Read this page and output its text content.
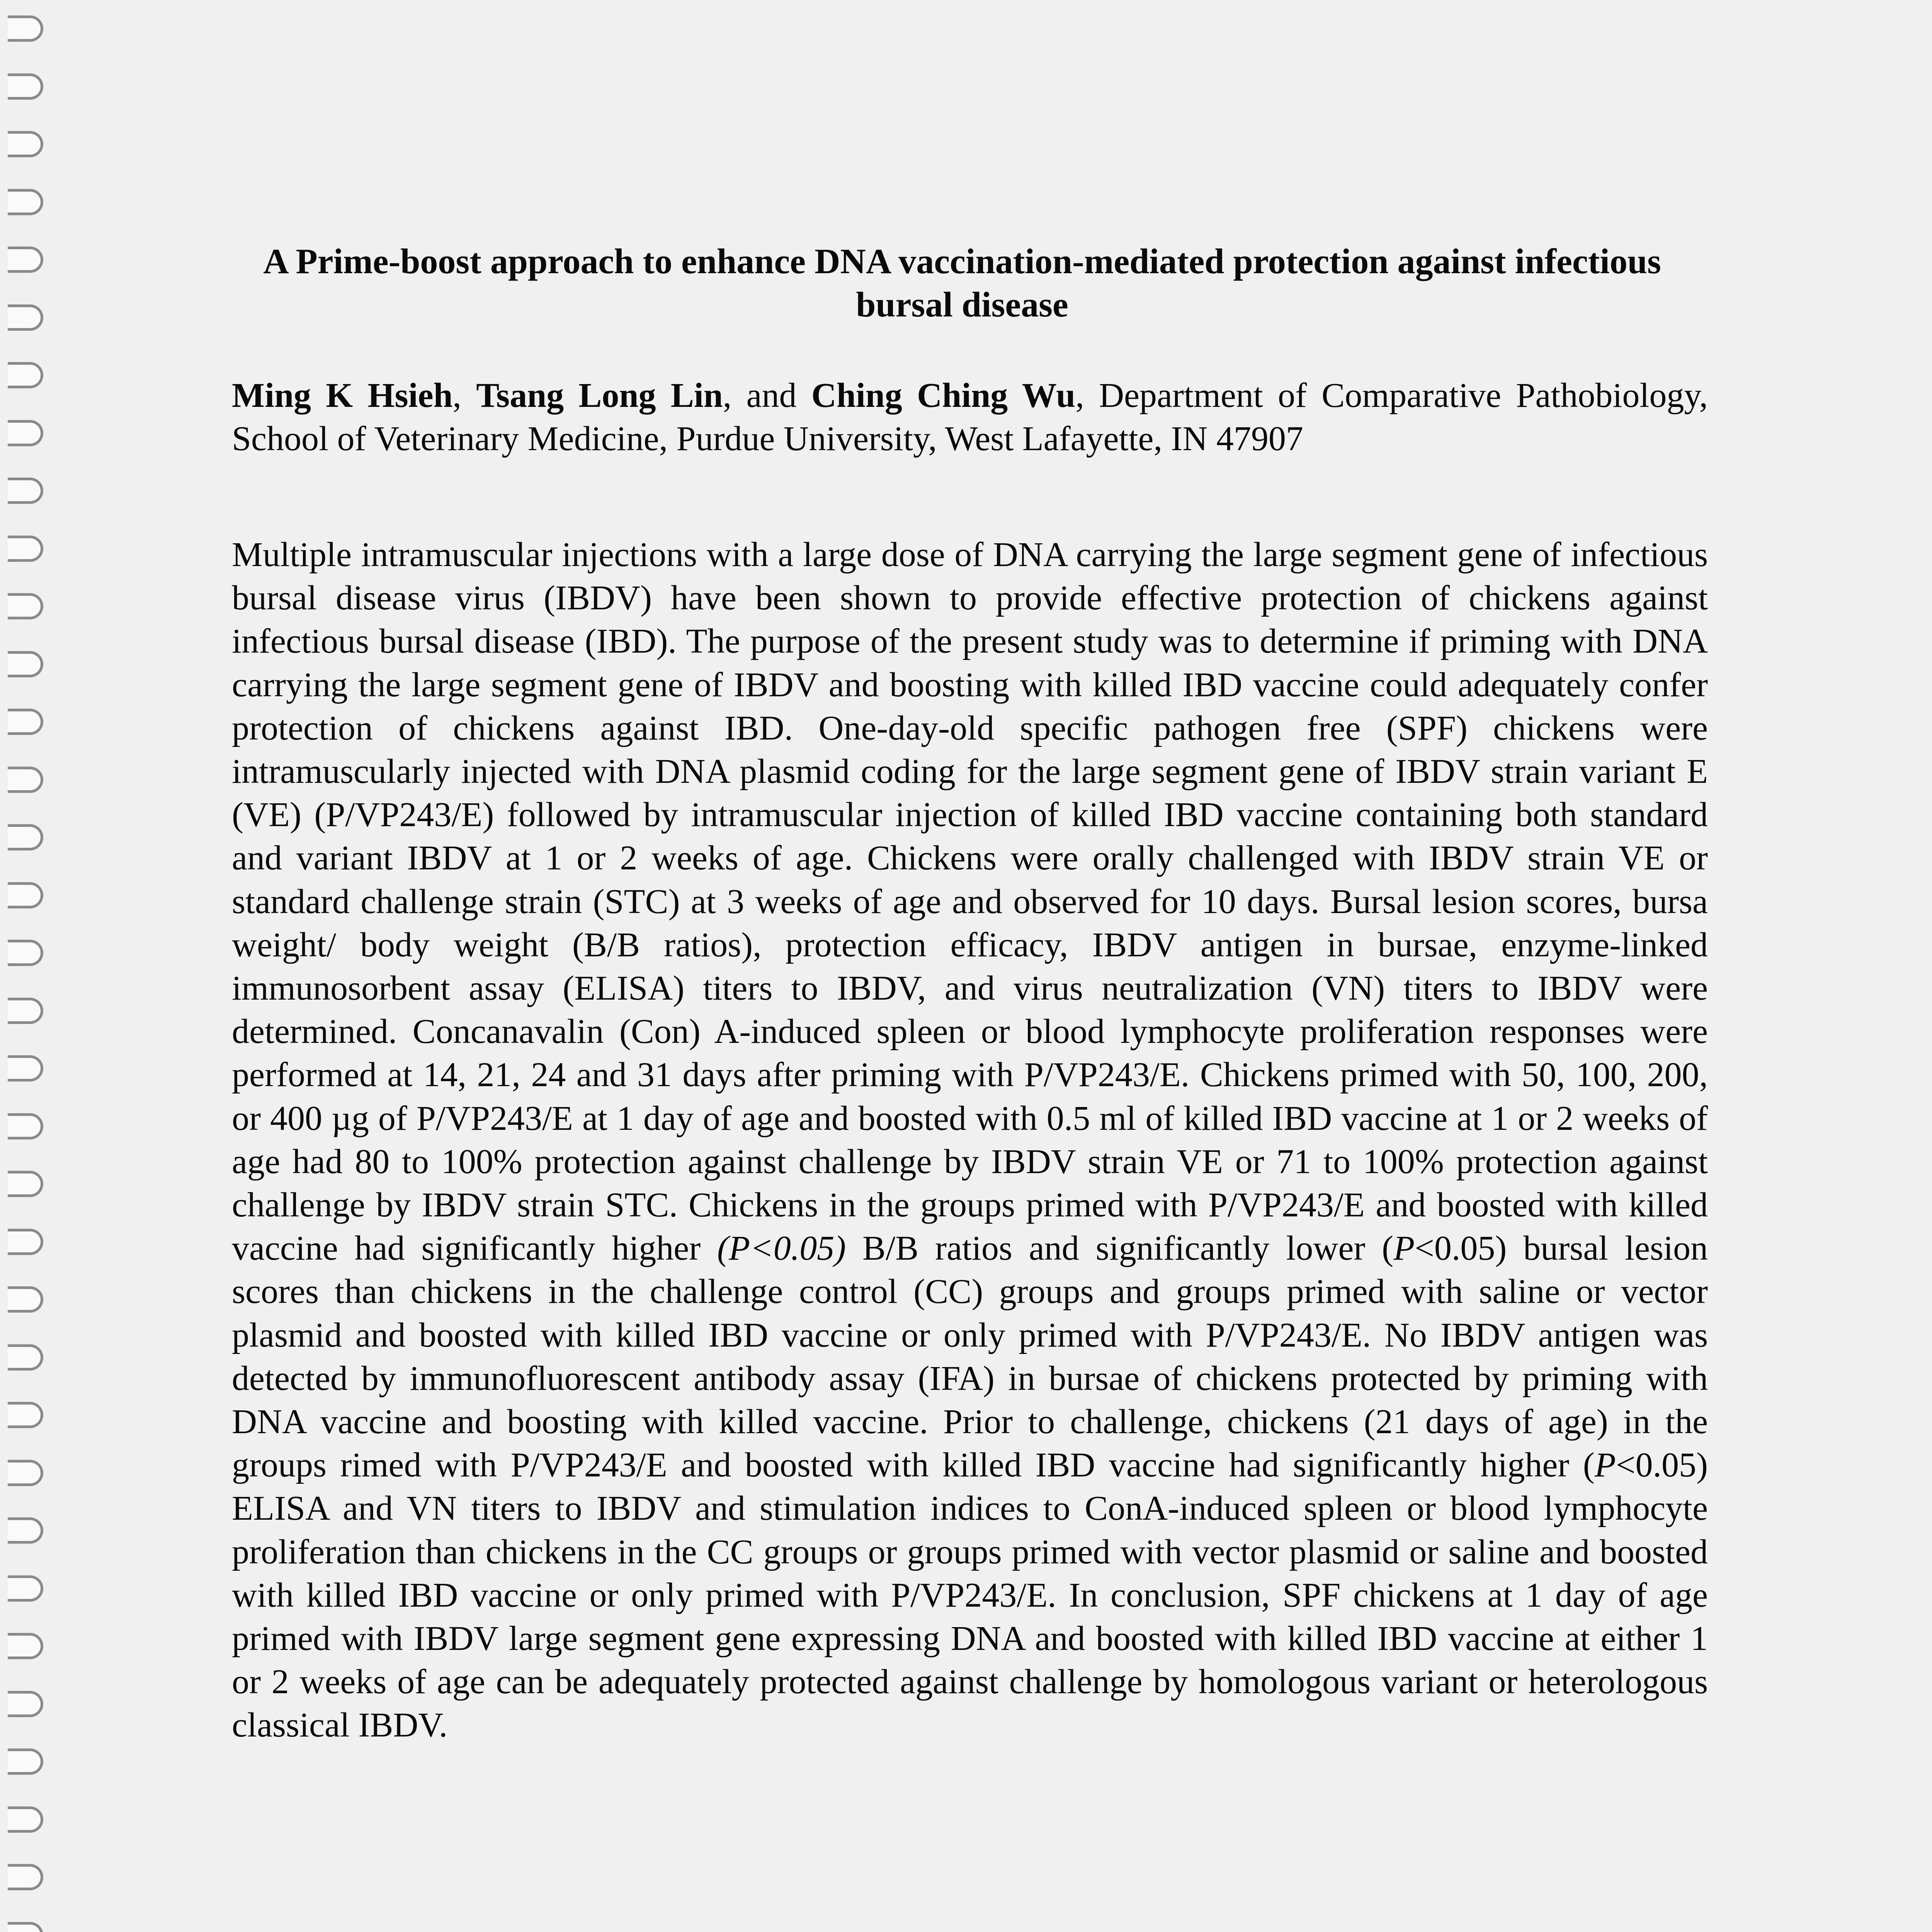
A Prime-boost approach to enhance DNA vaccination-mediated protection against infectious bursal disease
Ming K Hsieh, Tsang Long Lin, and Ching Ching Wu, Department of Comparative Pathobiology, School of Veterinary Medicine, Purdue University, West Lafayette, IN 47907
Multiple intramuscular injections with a large dose of DNA carrying the large segment gene of infectious bursal disease virus (IBDV) have been shown to provide effective protection of chickens against infectious bursal disease (IBD). The purpose of the present study was to determine if priming with DNA carrying the large segment gene of IBDV and boosting with killed IBD vaccine could adequately confer protection of chickens against IBD. One-day-old specific pathogen free (SPF) chickens were intramuscularly injected with DNA plasmid coding for the large segment gene of IBDV strain variant E (VE) (P/VP243/E) followed by intramuscular injection of killed IBD vaccine containing both standard and variant IBDV at 1 or 2 weeks of age. Chickens were orally challenged with IBDV strain VE or standard challenge strain (STC) at 3 weeks of age and observed for 10 days. Bursal lesion scores, bursa weight/ body weight (B/B ratios), protection efficacy, IBDV antigen in bursae, enzyme-linked immunosorbent assay (ELISA) titers to IBDV, and virus neutralization (VN) titers to IBDV were determined. Concanavalin (Con) A-induced spleen or blood lymphocyte proliferation responses were performed at 14, 21, 24 and 31 days after priming with P/VP243/E. Chickens primed with 50, 100, 200, or 400 µg of P/VP243/E at 1 day of age and boosted with 0.5 ml of killed IBD vaccine at 1 or 2 weeks of age had 80 to 100% protection against challenge by IBDV strain VE or 71 to 100% protection against challenge by IBDV strain STC. Chickens in the groups primed with P/VP243/E and boosted with killed vaccine had significantly higher (P<0.05) B/B ratios and significantly lower (P<0.05) bursal lesion scores than chickens in the challenge control (CC) groups and groups primed with saline or vector plasmid and boosted with killed IBD vaccine or only primed with P/VP243/E. No IBDV antigen was detected by immunofluorescent antibody assay (IFA) in bursae of chickens protected by priming with DNA vaccine and boosting with killed vaccine. Prior to challenge, chickens (21 days of age) in the groups rimed with P/VP243/E and boosted with killed IBD vaccine had significantly higher (P<0.05) ELISA and VN titers to IBDV and stimulation indices to ConA-induced spleen or blood lymphocyte proliferation than chickens in the CC groups or groups primed with vector plasmid or saline and boosted with killed IBD vaccine or only primed with P/VP243/E. In conclusion, SPF chickens at 1 day of age primed with IBDV large segment gene expressing DNA and boosted with killed IBD vaccine at either 1 or 2 weeks of age can be adequately protected against challenge by homologous variant or heterologous classical IBDV.
